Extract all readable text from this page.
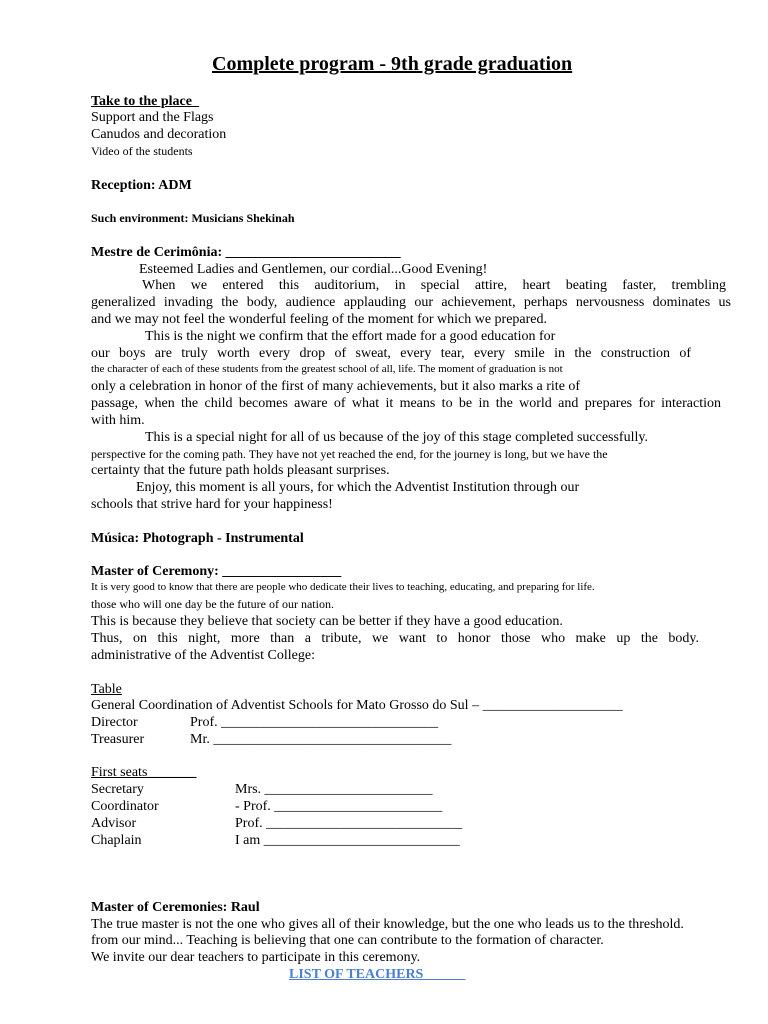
Complete program - 9th grade graduation
Take to the place_
Support and the Flags
Canudos and decoration
Video of the students
Reception: ADM
Such environment: Musicians Shekinah
Mestre de Cerimônia: _________________________
Esteemed Ladies and Gentlemen, our cordial...Good Evening!
When we entered this auditorium, in special attire, heart beating faster, trembling
generalized invading the body, audience applauding our achievement, perhaps nervousness dominates us
and we may not feel the wonderful feeling of the moment for which we prepared.
This is the night we confirm that the effort made for a good education for
our boys are truly worth every drop of sweat, every tear, every smile in the construction of
the character of each of these students from the greatest school of all, life. The moment of graduation is not
only a celebration in honor of the first of many achievements, but it also marks a rite of
passage, when the child becomes aware of what it means to be in the world and prepares for interaction
with him.
This is a special night for all of us because of the joy of this stage completed successfully.
perspective for the coming path. They have not yet reached the end, for the journey is long, but we have the
certainty that the future path holds pleasant surprises.
Enjoy, this moment is all yours, for which the Adventist Institution through our
schools that strive hard for your happiness!
Música: Photograph - Instrumental
Master of Ceremony: _________________
It is very good to know that there are people who dedicate their lives to teaching, educating, and preparing for life.
those who will one day be the future of our nation.
This is because they believe that society can be better if they have a good education.
Thus, on this night, more than a tribute, we want to honor those who make up the body.
administrative of the Adventist College:
Table
General Coordination of Adventist Schools for Mato Grosso do Sul – ____________________
Director	Prof. _______________________________
Treasurer	Mr. __________________________________
First seats_______
Secretary	Mrs. ________________________
Coordinator	- Prof. ________________________
Advisor	Prof. ____________________________
Chaplain	I am ____________________________
Master of Ceremonies: Raul
The true master is not the one who gives all of their knowledge, but the one who leads us to the threshold.
from our mind... Teaching is believing that one can contribute to the formation of character.
We invite our dear teachers to participate in this ceremony.
LIST OF TEACHERS______
